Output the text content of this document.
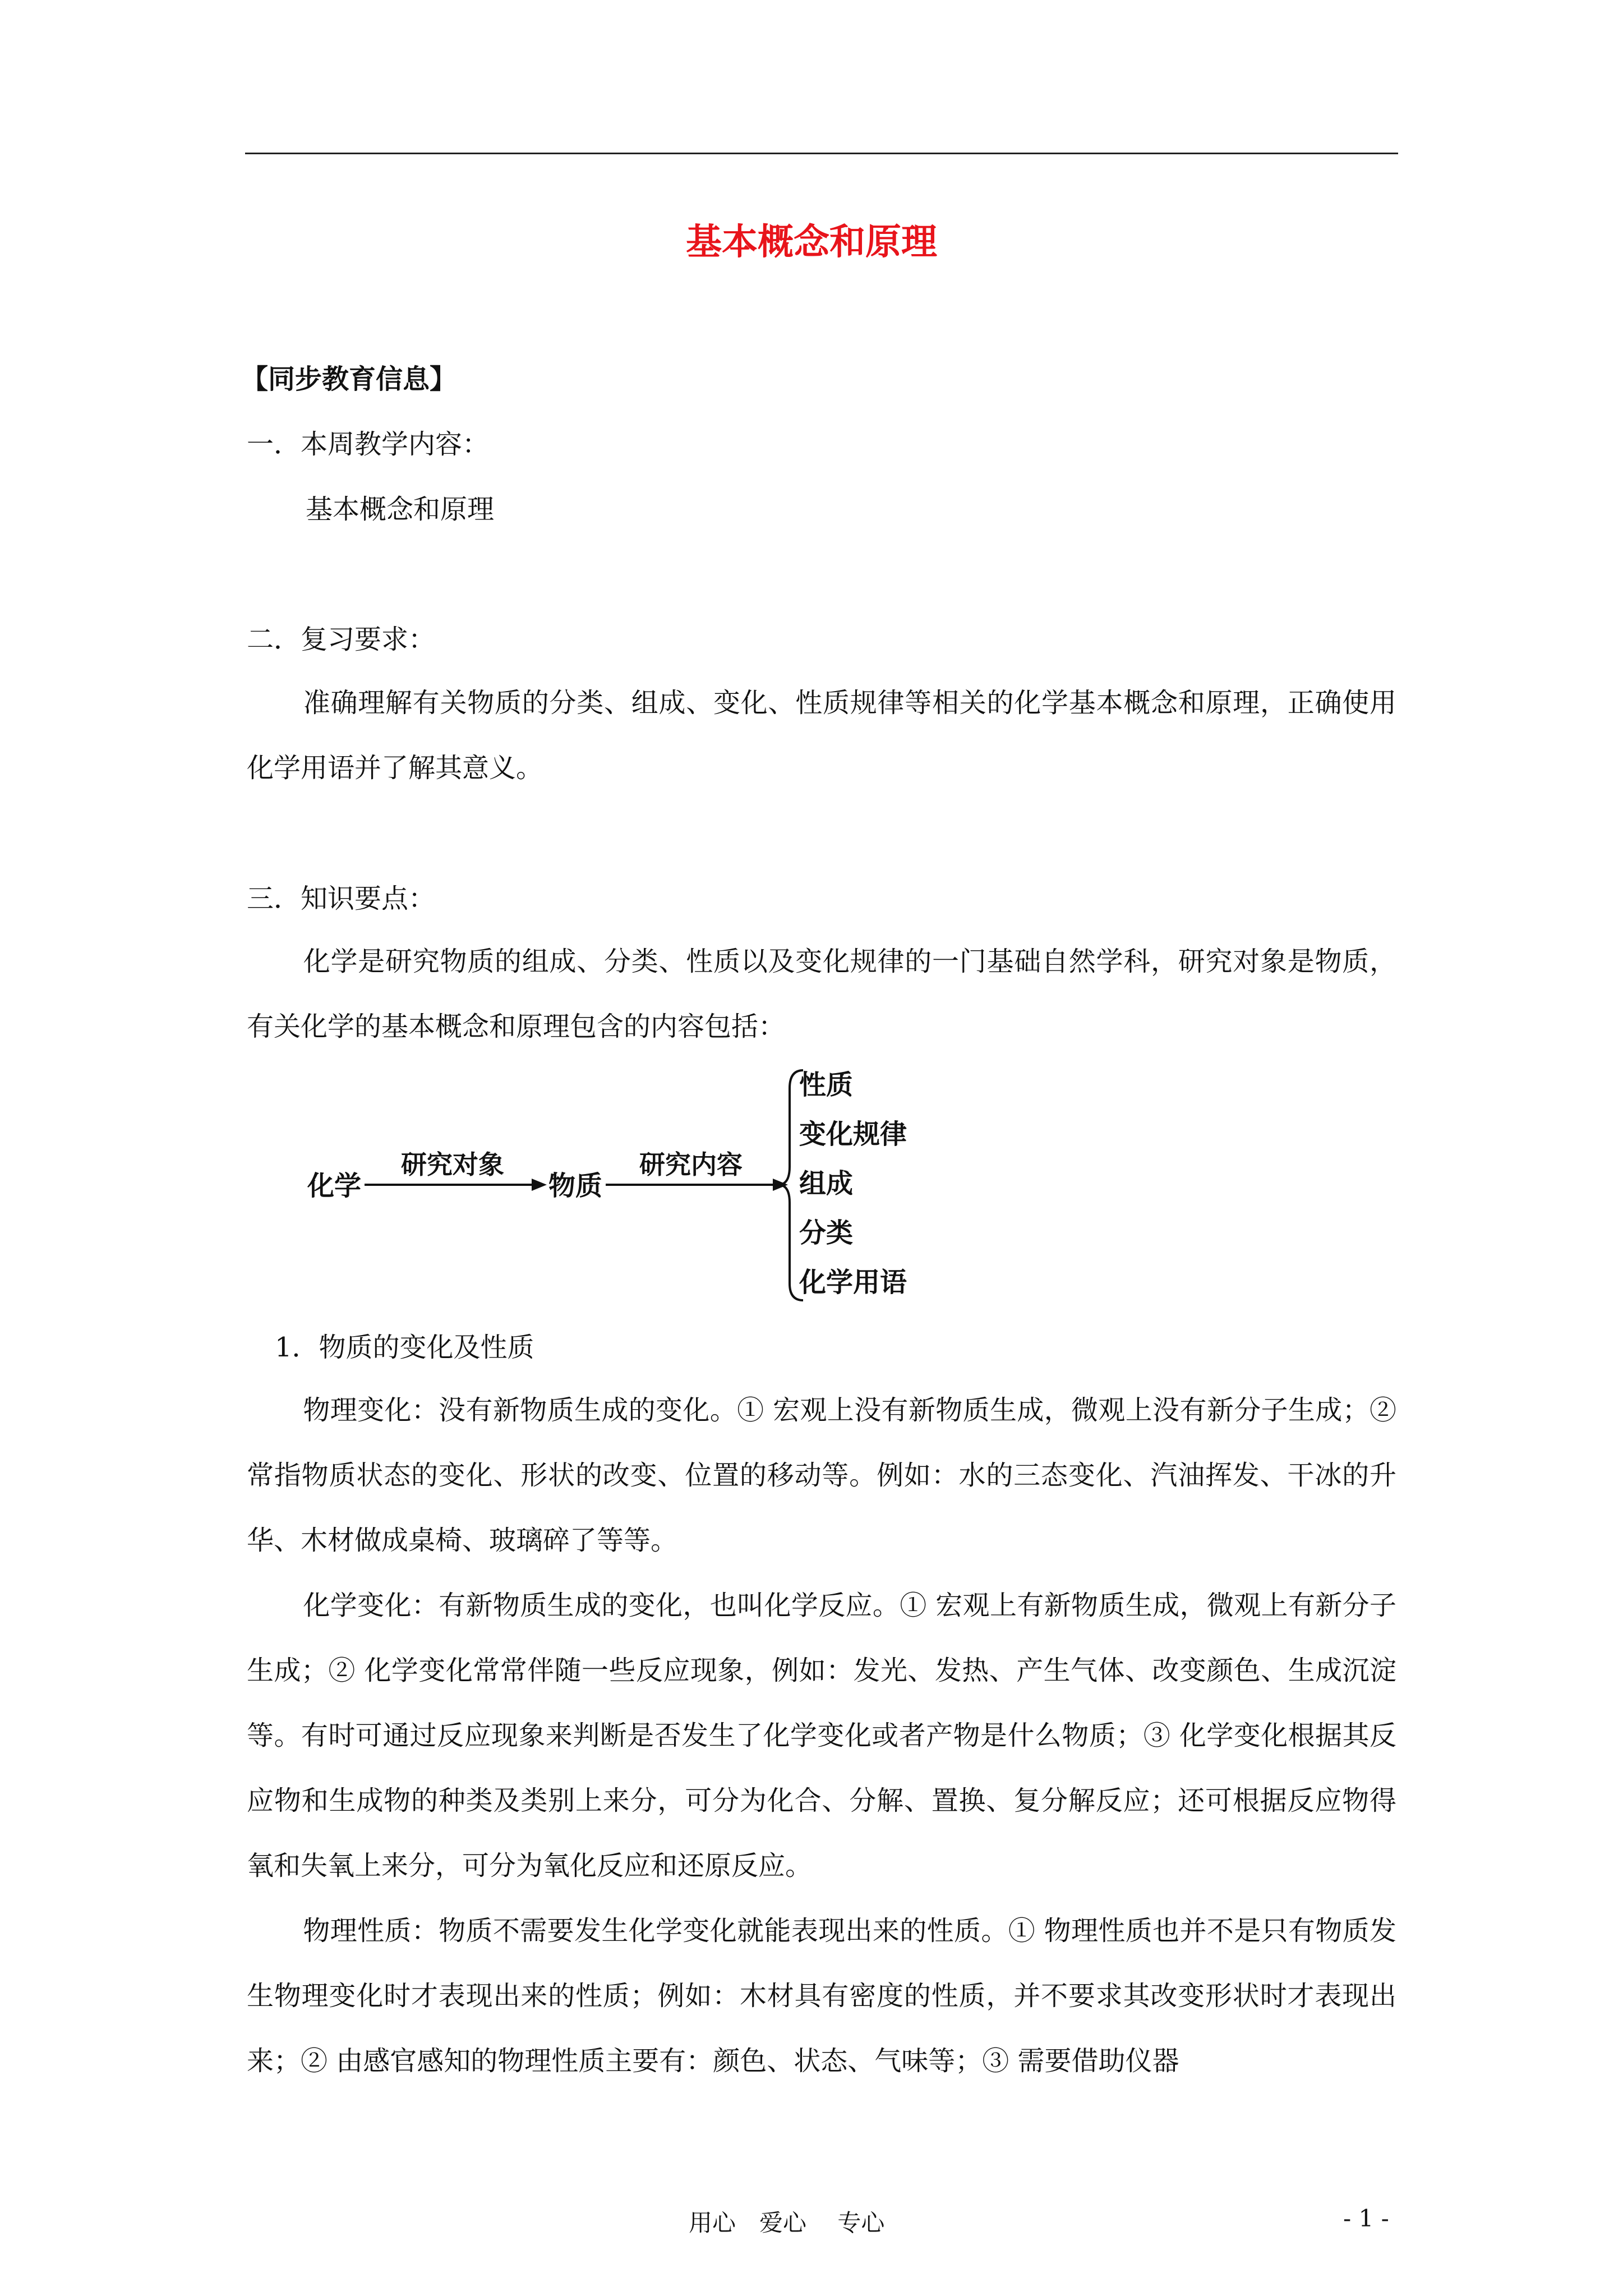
基本概念和原理
【同步教育信息】
一．本周教学内容：
基本概念和原理
二．复习要求：
准确理解有关物质的分类、组成、变化、性质规律等相关的化学基本概念和原理，正确使用化学用语并了解其意义。
三．知识要点：
化学是研究物质的组成、分类、性质以及变化规律的一门基础自然学科，研究对象是物质，有关化学的基本概念和原理包含的内容包括：
化学
研究对象
物质
研究内容
性质
变化规律
组成
分类
化学用语
1．物质的变化及性质
物理变化：没有新物质生成的变化。① 宏观上没有新物质生成，微观上没有新分子生成；② 常指物质状态的变化、形状的改变、位置的移动等。例如：水的三态变化、汽油挥发、干冰的升华、木材做成桌椅、玻璃碎了等等。
化学变化：有新物质生成的变化，也叫化学反应。① 宏观上有新物质生成，微观上有新分子生成；② 化学变化常常伴随一些反应现象，例如：发光、发热、产生气体、改变颜色、生成沉淀等。有时可通过反应现象来判断是否发生了化学变化或者产物是什么物质；③ 化学变化根据其反应物和生成物的种类及类别上来分，可分为化合、分解、置换、复分解反应；还可根据反应物得氧和失氧上来分，可分为氧化反应和还原反应。
物理性质：物质不需要发生化学变化就能表现出来的性质。① 物理性质也并不是只有物质发生物理变化时才表现出来的性质；例如：木材具有密度的性质，并不要求其改变形状时才表现出来；② 由感官感知的物理性质主要有：颜色、状态、气味等；③ 需要借助仪器
用心　爱心　 专心	- 1 -
